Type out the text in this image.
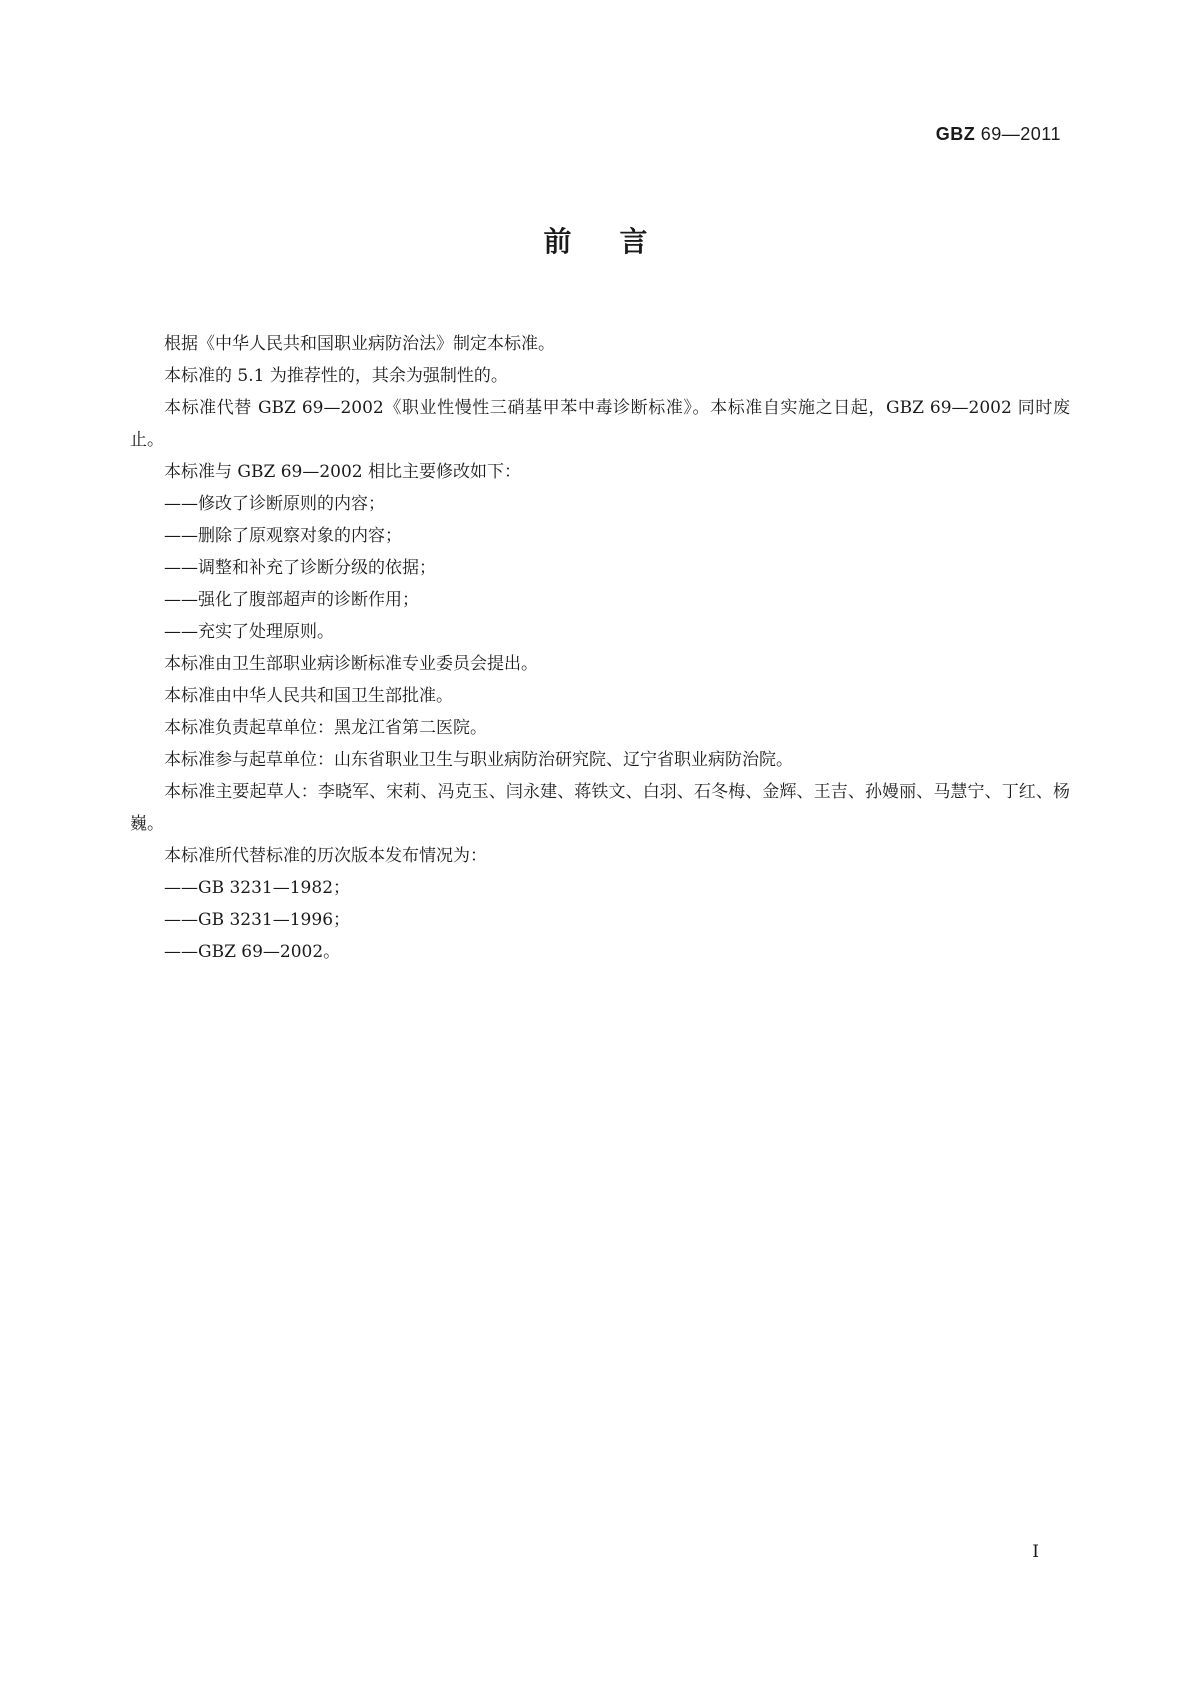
GBZ 69—2011
前言

根据《中华人民共和国职业病防治法》制定本标准。

本标准的 5.1 为推荐性的，其余为强制性的。

本标准代替 GBZ 69—2002《职业性慢性三硝基甲苯中毒诊断标准》。本标准自实施之日起，GBZ 69—2002 同时废止。

本标准与 GBZ 69—2002 相比主要修改如下：

——修改了诊断原则的内容；

——删除了原观察对象的内容；

——调整和补充了诊断分级的依据；

——强化了腹部超声的诊断作用；

——充实了处理原则。

本标准由卫生部职业病诊断标准专业委员会提出。

本标准由中华人民共和国卫生部批准。

本标准负责起草单位：黑龙江省第二医院。

本标准参与起草单位：山东省职业卫生与职业病防治研究院、辽宁省职业病防治院。

本标准主要起草人：李晓军、宋莉、冯克玉、闫永建、蒋铁文、白羽、石冬梅、金辉、王吉、孙嫚丽、马慧宁、丁红、杨巍。

本标准所代替标准的历次版本发布情况为：

——GB 3231—1982；

——GB 3231—1996；

——GBZ 69—2002。

I
